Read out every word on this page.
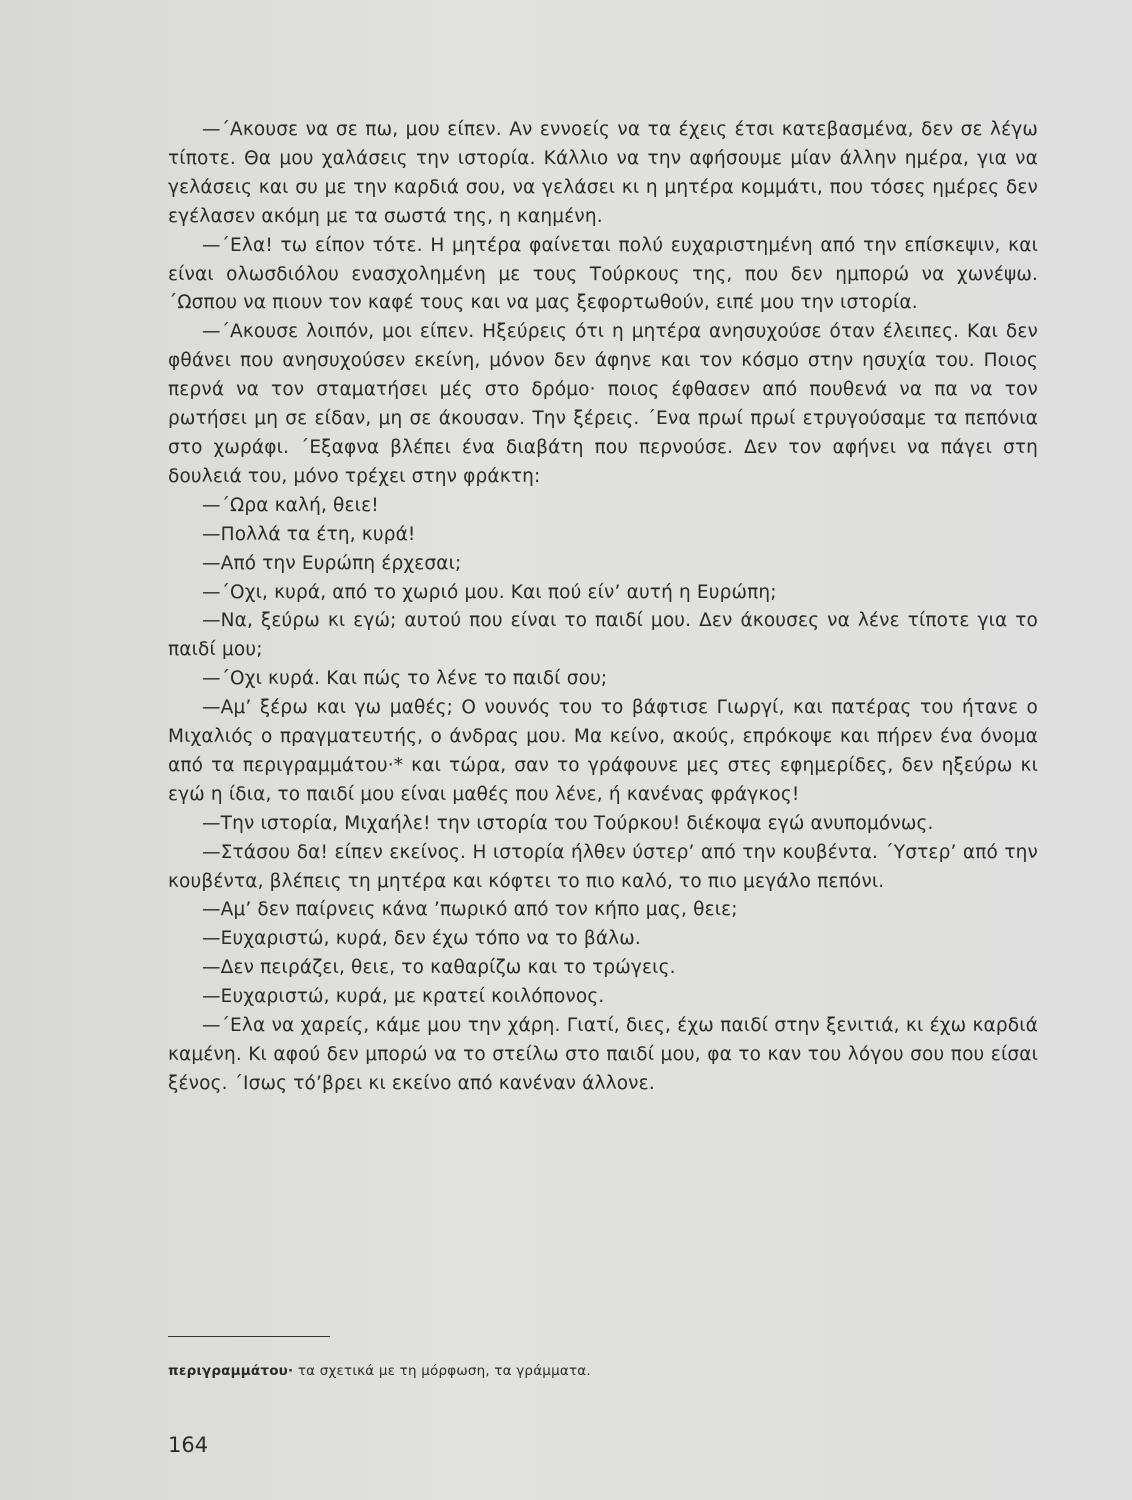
—΄Ακουσε να σε πω, μου είπεν. Αν εννοείς να τα έχεις έτσι κατεβασμένα, δεν σε λέγω τίποτε. Θα μου χαλάσεις την ιστορία. Κάλλιο να την αφήσουμε μίαν άλλην ημέρα, για να γελάσεις και συ με την καρδιά σου, να γελάσει κι η μητέρα κομμάτι, που τόσες ημέρες δεν εγέλασεν ακόμη με τα σωστά της, η καημένη.

—΄Ελα! τω είπον τότε. Η μητέρα φαίνεται πολύ ευχαριστημένη από την επίσκεψιν, και είναι ολωσδιόλου ενασχολημένη με τους Τούρκους της, που δεν ημπορώ να χωνέψω. ΄Ωσπου να πιουν τον καφέ τους και να μας ξεφορτωθούν, ειπέ μου την ιστορία.

—΄Ακουσε λοιπόν, μοι είπεν. Ηξεύρεις ότι η μητέρα ανησυχούσε όταν έλειπες. Και δεν φθάνει που ανησυχούσεν εκείνη, μόνον δεν άφηνε και τον κόσμο στην ησυχία του. Ποιος περνά να τον σταματήσει μές στο δρόμο· ποιος έφθασεν από πουθενά να πα να τον ρωτήσει μη σε είδαν, μη σε άκουσαν. Την ξέρεις. ΄Ενα πρωί πρωί ετρυγούσαμε τα πεπόνια στο χωράφι. ΄Εξαφνα βλέπει ένα διαβάτη που περνούσε. Δεν τον αφήνει να πάγει στη δουλειά του, μόνο τρέχει στην φράκτη:

—΄Ωρα καλή, θειε!

—Πολλά τα έτη, κυρά!

—Από την Ευρώπη έρχεσαι;

—΄Οχι, κυρά, από το χωριό μου. Και πού είν’ αυτή η Ευρώπη;

—Να, ξεύρω κι εγώ; αυτού που είναι το παιδί μου. Δεν άκουσες να λένε τίποτε για το παιδί μου;

—΄Οχι κυρά. Και πώς το λένε το παιδί σου;

—Αμ’ ξέρω και γω μαθές; Ο νουνός του το βάφτισε Γιωργί, και πατέρας του ήτανε ο Μιχαλιός ο πραγματευτής, ο άνδρας μου. Μα κείνο, ακούς, επρόκοψε και πήρεν ένα όνομα από τα περιγραμμάτου·* και τώρα, σαν το γράφουνε μες στες εφημερίδες, δεν ηξεύρω κι εγώ η ίδια, το παιδί μου είναι μαθές που λένε, ή κανένας φράγκος!

—Την ιστορία, Μιχαήλε! την ιστορία του Τούρκου! διέκοψα εγώ ανυπομόνως.

—Στάσου δα! είπεν εκείνος. Η ιστορία ήλθεν ύστερ’ από την κουβέντα. ΄Υστερ’ από την κουβέντα, βλέπεις τη μητέρα και κόφτει το πιο καλό, το πιο μεγάλο πεπόνι.

—Αμ’ δεν παίρνεις κάνα ’πωρικό από τον κήπο μας, θειε;

—Ευχαριστώ, κυρά, δεν έχω τόπο να το βάλω.

—Δεν πειράζει, θειε, το καθαρίζω και το τρώγεις.

—Ευχαριστώ, κυρά, με κρατεί κοιλόπονος.

—΄Ελα να χαρείς, κάμε μου την χάρη. Γιατί, διες, έχω παιδί στην ξενιτιά, κι έχω καρδιά καμένη. Κι αφού δεν μπορώ να το στείλω στο παιδί μου, φα το καν του λόγου σου που είσαι ξένος. ΄Ισως τό’βρει κι εκείνο από κανέναν άλλονε.

περιγραμμάτου· τα σχετικά με τη μόρφωση, τα γράμματα.
164
